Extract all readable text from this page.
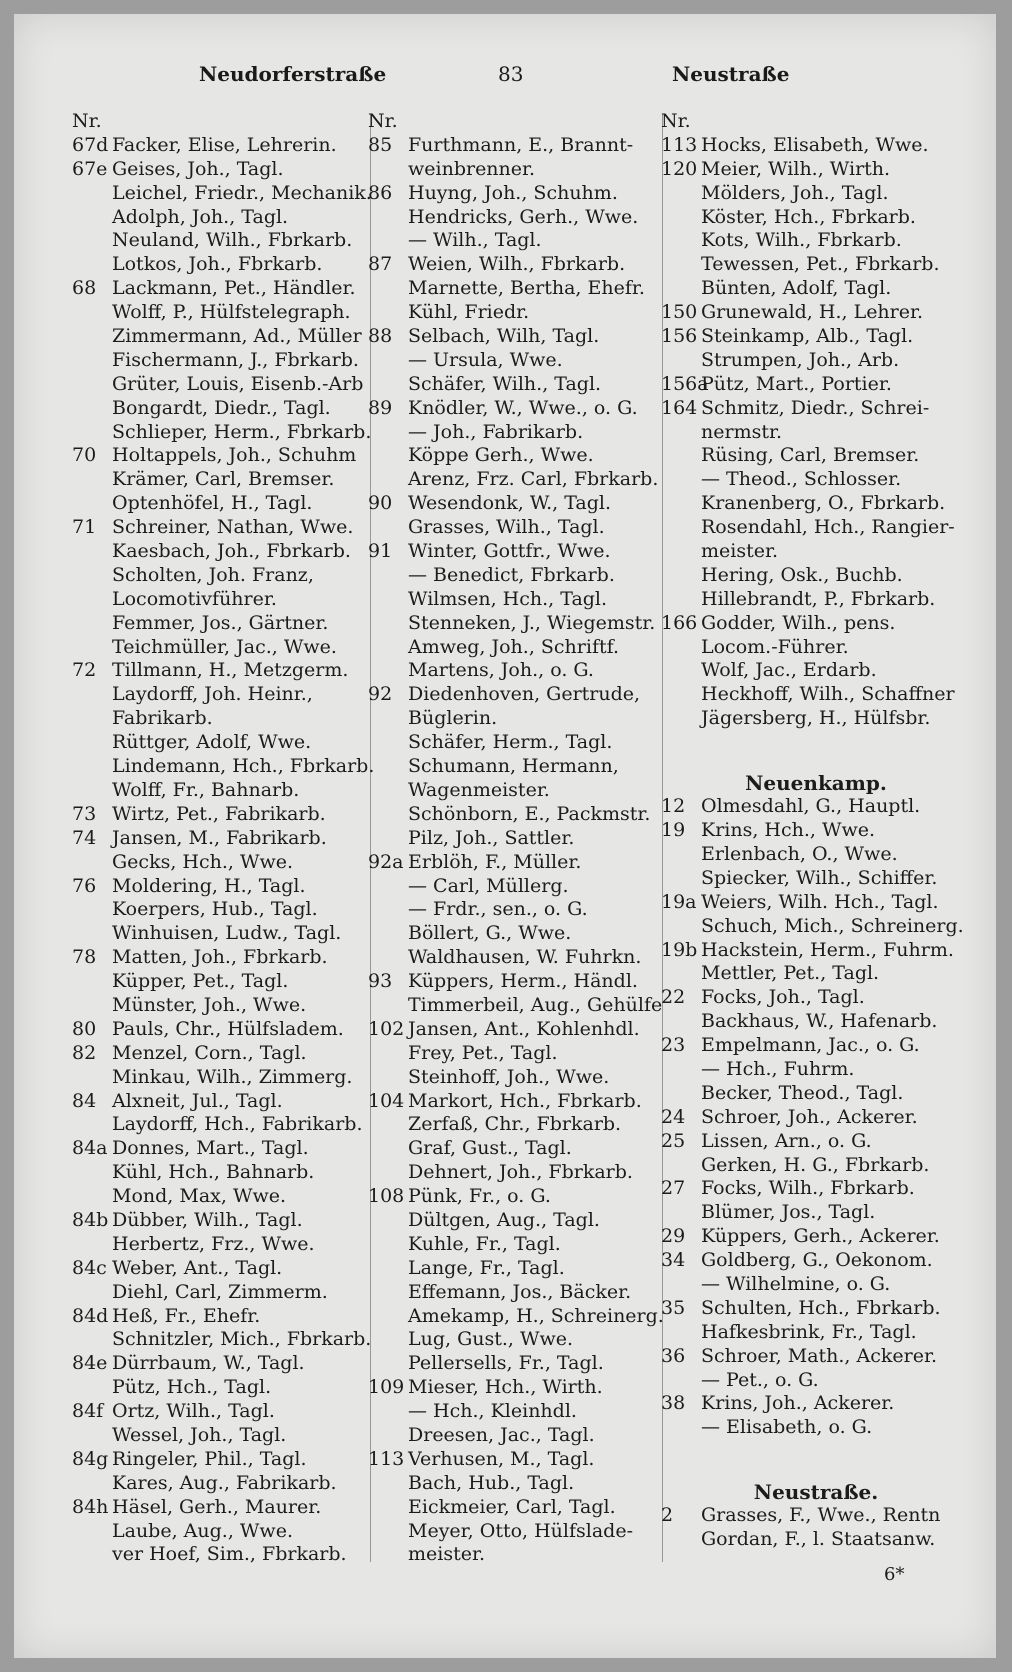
Neudorferstraße	83	Neustraße
Nr.
67d Facker, Elise, Lehrerin.
67e Geises, Joh., Tagl.
Leichel, Friedr., Mechanik.
Adolph, Joh., Tagl.
Neuland, Wilh., Fbrkarb.
Lotkos, Joh., Fbrkarb.
68 Lackmann, Pet., Händler.
Wolff, P., Hülfstelegraph.
Zimmermann, Ad., Müller
Fischermann, J., Fbrkarb.
Grüter, Louis, Eisenb.-Arb
Bongardt, Diedr., Tagl.
Schlieper, Herm., Fbrkarb.
70 Holtappels, Joh., Schuhm
Krämer, Carl, Bremser.
Optenhöfel, H., Tagl.
71 Schreiner, Nathan, Wwe.
Kaesbach, Joh., Fbrkarb.
Scholten, Joh. Franz,
Locomotivführer.
Femmer, Jos., Gärtner.
Teichmüller, Jac., Wwe.
72 Tillmann, H., Metzgerm.
Laydorff, Joh. Heinr.,
Fabrikarb.
Rüttger, Adolf, Wwe.
Lindemann, Hch., Fbrkarb.
Wolff, Fr., Bahnarb.
73 Wirtz, Pet., Fabrikarb.
74 Jansen, M., Fabrikarb.
Gecks, Hch., Wwe.
76 Moldering, H., Tagl.
Koerpers, Hub., Tagl.
Winhuisen, Ludw., Tagl.
78 Matten, Joh., Fbrkarb.
Küpper, Pet., Tagl.
Münster, Joh., Wwe.
80 Pauls, Chr., Hülfsladem.
82 Menzel, Corn., Tagl.
Minkau, Wilh., Zimmerg.
84 Alxneit, Jul., Tagl.
Laydorff, Hch., Fabrikarb.
84a Donnes, Mart., Tagl.
Kühl, Hch., Bahnarb.
Mond, Max, Wwe.
84b Dübber, Wilh., Tagl.
Herbertz, Frz., Wwe.
84c Weber, Ant., Tagl.
Diehl, Carl, Zimmerm.
84d Heß, Fr., Ehefr.
Schnitzler, Mich., Fbrkarb.
84e Dürrbaum, W., Tagl.
Pütz, Hch., Tagl.
84f Ortz, Wilh., Tagl.
Wessel, Joh., Tagl.
84g Ringeler, Phil., Tagl.
Kares, Aug., Fabrikarb.
84h Häsel, Gerh., Maurer.
Laube, Aug., Wwe.
ver Hoef, Sim., Fbrkarb.
Nr.
85 Furthmann, E., Brannt-
weinbrenner.
86 Huyng, Joh., Schuhm.
Hendricks, Gerh., Wwe.
— Wilh., Tagl.
87 Weien, Wilh., Fbrkarb.
Marnette, Bertha, Ehefr.
Kühl, Friedr.
88 Selbach, Wilh, Tagl.
— Ursula, Wwe.
Schäfer, Wilh., Tagl.
89 Knödler, W., Wwe., o. G.
— Joh., Fabrikarb.
Köppe Gerh., Wwe.
Arenz, Frz. Carl, Fbrkarb.
90 Wesendonk, W., Tagl.
Grasses, Wilh., Tagl.
91 Winter, Gottfr., Wwe.
— Benedict, Fbrkarb.
Wilmsen, Hch., Tagl.
Stenneken, J., Wiegemstr.
Amweg, Joh., Schriftf.
Martens, Joh., o. G.
92 Diedenhoven, Gertrude,
Büglerin.
Schäfer, Herm., Tagl.
Schumann, Hermann,
Wagenmeister.
Schönborn, E., Packmstr.
Pilz, Joh., Sattler.
92a Erblöh, F., Müller.
— Carl, Müllerg.
— Frdr., sen., o. G.
Böllert, G., Wwe.
Waldhausen, W. Fuhrkn.
93 Küppers, Herm., Händl.
Timmerbeil, Aug., Gehülfe
102 Jansen, Ant., Kohlenhdl.
Frey, Pet., Tagl.
Steinhoff, Joh., Wwe.
104 Markort, Hch., Fbrkarb.
Zerfaß, Chr., Fbrkarb.
Graf, Gust., Tagl.
Dehnert, Joh., Fbrkarb.
108 Pünk, Fr., o. G.
Dültgen, Aug., Tagl.
Kuhle, Fr., Tagl.
Lange, Fr., Tagl.
Effemann, Jos., Bäcker.
Amekamp, H., Schreinerg.
Lug, Gust., Wwe.
Pellersells, Fr., Tagl.
109 Mieser, Hch., Wirth.
— Hch., Kleinhdl.
Dreesen, Jac., Tagl.
113 Verhusen, M., Tagl.
Bach, Hub., Tagl.
Eickmeier, Carl, Tagl.
Meyer, Otto, Hülfslade-
meister.
Nr.
113 Hocks, Elisabeth, Wwe.
120 Meier, Wilh., Wirth.
Mölders, Joh., Tagl.
Köster, Hch., Fbrkarb.
Kots, Wilh., Fbrkarb.
Tewessen, Pet., Fbrkarb.
Bünten, Adolf, Tagl.
150 Grunewald, H., Lehrer.
156 Steinkamp, Alb., Tagl.
Strumpen, Joh., Arb.
156aPütz, Mart., Portier.
164 Schmitz, Diedr., Schrei-
nermstr.
Rüsing, Carl, Bremser.
— Theod., Schlosser.
Kranenberg, O., Fbrkarb.
Rosendahl, Hch., Rangier-
meister.
Hering, Osk., Buchb.
Hillebrandt, P., Fbrkarb.
166 Godder, Wilh., pens.
Locom.-Führer.
Wolf, Jac., Erdarb.
Heckhoff, Wilh., Schaffner
Jägersberg, H., Hülfsbr.
Neuenkamp.
12 Olmesdahl, G., Hauptl.
19 Krins, Hch., Wwe.
Erlenbach, O., Wwe.
Spiecker, Wilh., Schiffer.
19a Weiers, Wilh. Hch., Tagl.
Schuch, Mich., Schreinerg.
19b Hackstein, Herm., Fuhrm.
Mettler, Pet., Tagl.
22 Focks, Joh., Tagl.
Backhaus, W., Hafenarb.
23 Empelmann, Jac., o. G.
— Hch., Fuhrm.
Becker, Theod., Tagl.
24 Schroer, Joh., Ackerer.
25 Lissen, Arn., o. G.
Gerken, H. G., Fbrkarb.
27 Focks, Wilh., Fbrkarb.
Blümer, Jos., Tagl.
29 Küppers, Gerh., Ackerer.
34 Goldberg, G., Oekonom.
— Wilhelmine, o. G.
35 Schulten, Hch., Fbrkarb.
Hafkesbrink, Fr., Tagl.
36 Schroer, Math., Ackerer.
— Pet., o. G.
38 Krins, Joh., Ackerer.
— Elisabeth, o. G.
Neustraße.
2 Grasses, F., Wwe., Rentn
Gordan, F., l. Staatsanw.
6*
